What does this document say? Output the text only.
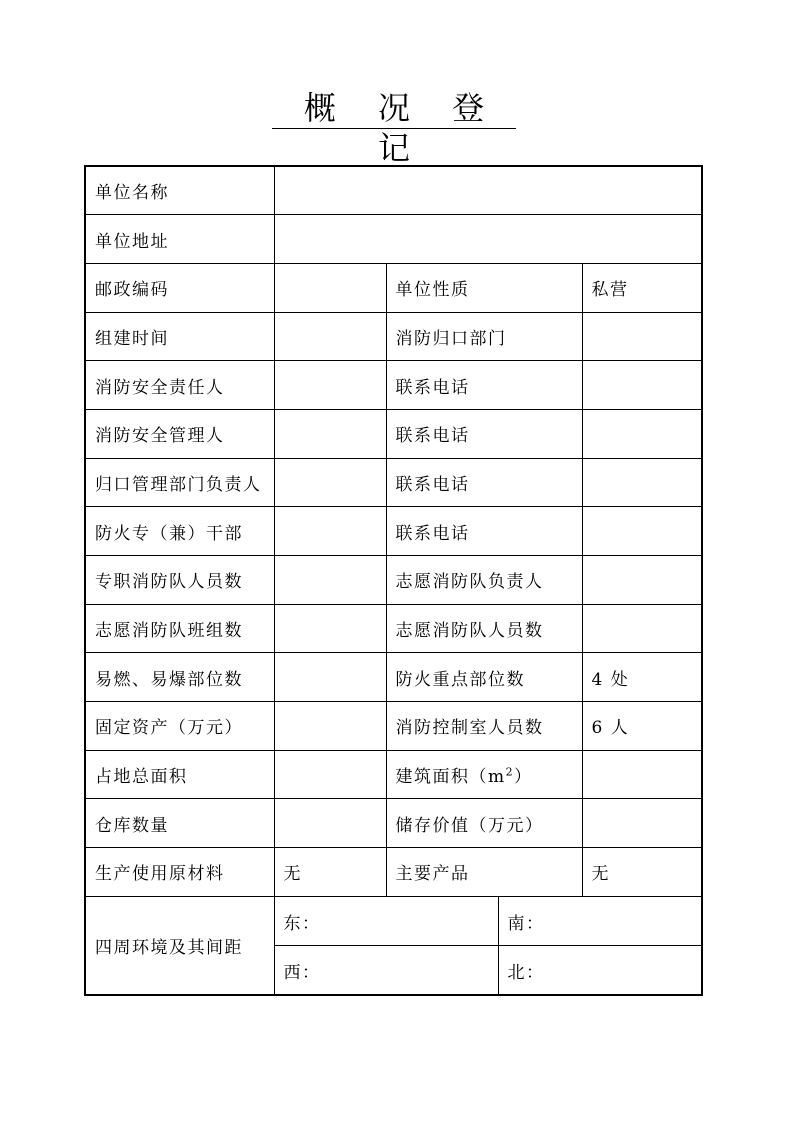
概 况 登 记
单位名称				
单位地址				
邮政编码		单位性质		私营
组建时间		消防归口部门		
消防安全责任人		联系电话		
消防安全管理人		联系电话		
归口管理部门负责人		联系电话		
防火专（兼）干部		联系电话		
专职消防队人员数		志愿消防队负责人		
志愿消防队班组数		志愿消防队人员数		
易燃、易爆部位数		防火重点部位数		4 处
固定资产（万元）		消防控制室人员数		6 人
占地总面积		建筑面积$(m^2)$		
仓库数量		储存价值（万元）		
生产使用原材料	无	主要产品		无
四周环境及其间距	东：		南：	
	西：		北：	
